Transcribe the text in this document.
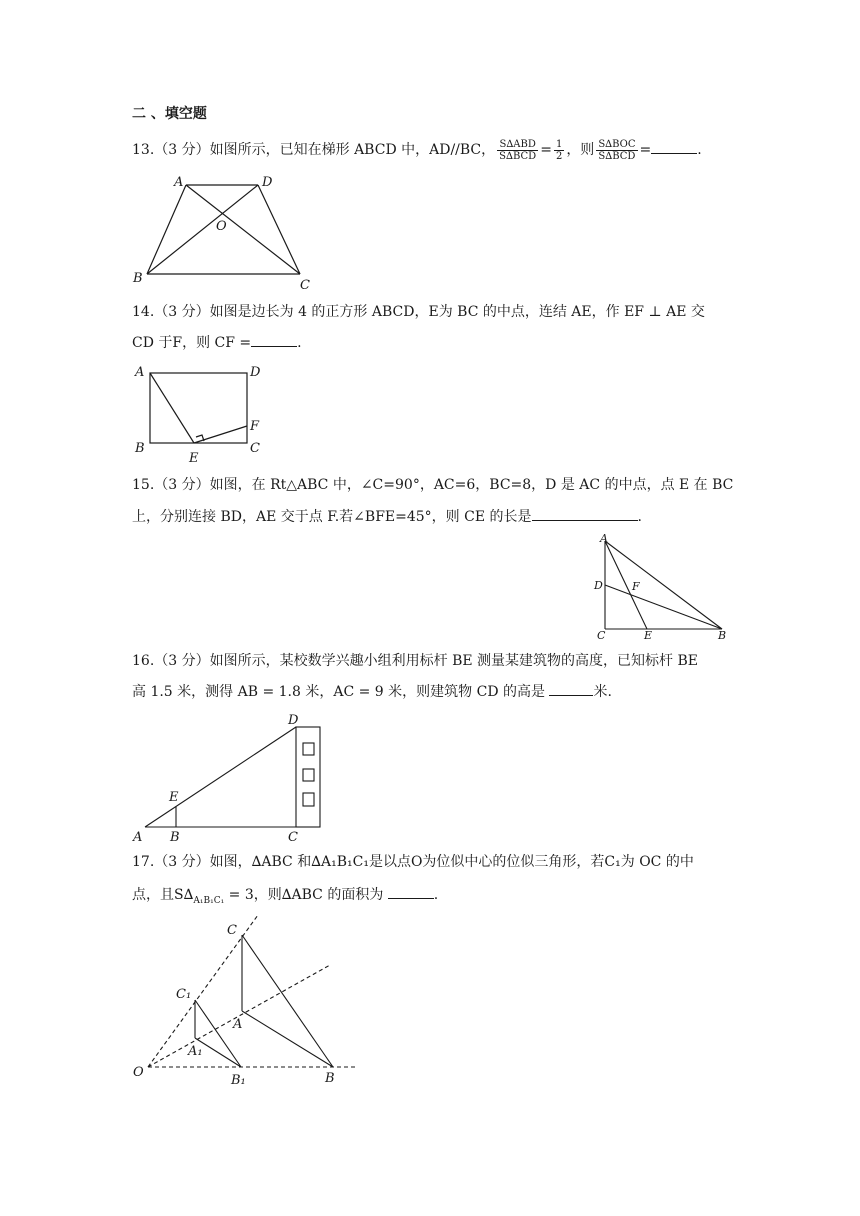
二 、填空题
13.（3 分）如图所示，已知在梯形 ABCD 中，AD//BC， $\frac{\text{S∆ABD}}{\text{S∆BCD}} = \frac{1}{2}$ ，则 $\frac{\text{S∆BOC}}{\text{S∆BCD}}$ =	.
A	D
O
B	C
14.（3 分）如图是边长为 4 的正方形 ABCD，E为 BC 的中点，连结 AE，作 EF ⊥ AE 交
CD 于F，则 CF =	.
A	D
F
B	C
E
15.（3 分）如图，在 Rt△ABC 中，∠C=90°，AC=6，BC=8，D 是 AC 的中点，点 E 在 BC
上，分别连接 BD，AE 交于点 F.若∠BFE=45°，则 CE 的长是	.
A
D	F
C	E	B
16.（3 分）如图所示，某校数学兴趣小组利用标杆 BE 测量某建筑物的高度，已知标杆 BE
高 1.5 米，测得 AB = 1.8 米，AC = 9 米，则建筑物 CD 的高是	米.
D
E
A B	C
17.（3 分）如图，∆ABC 和∆A₁B₁C₁是以点O为位似中心的位似三角形，若C₁为 OC 的中
点，且$S\Delta_{A_1B_1C_1} = 3$，则∆ABC 的面积为	.
C
C₁
A
A₁
O
B₁	B
